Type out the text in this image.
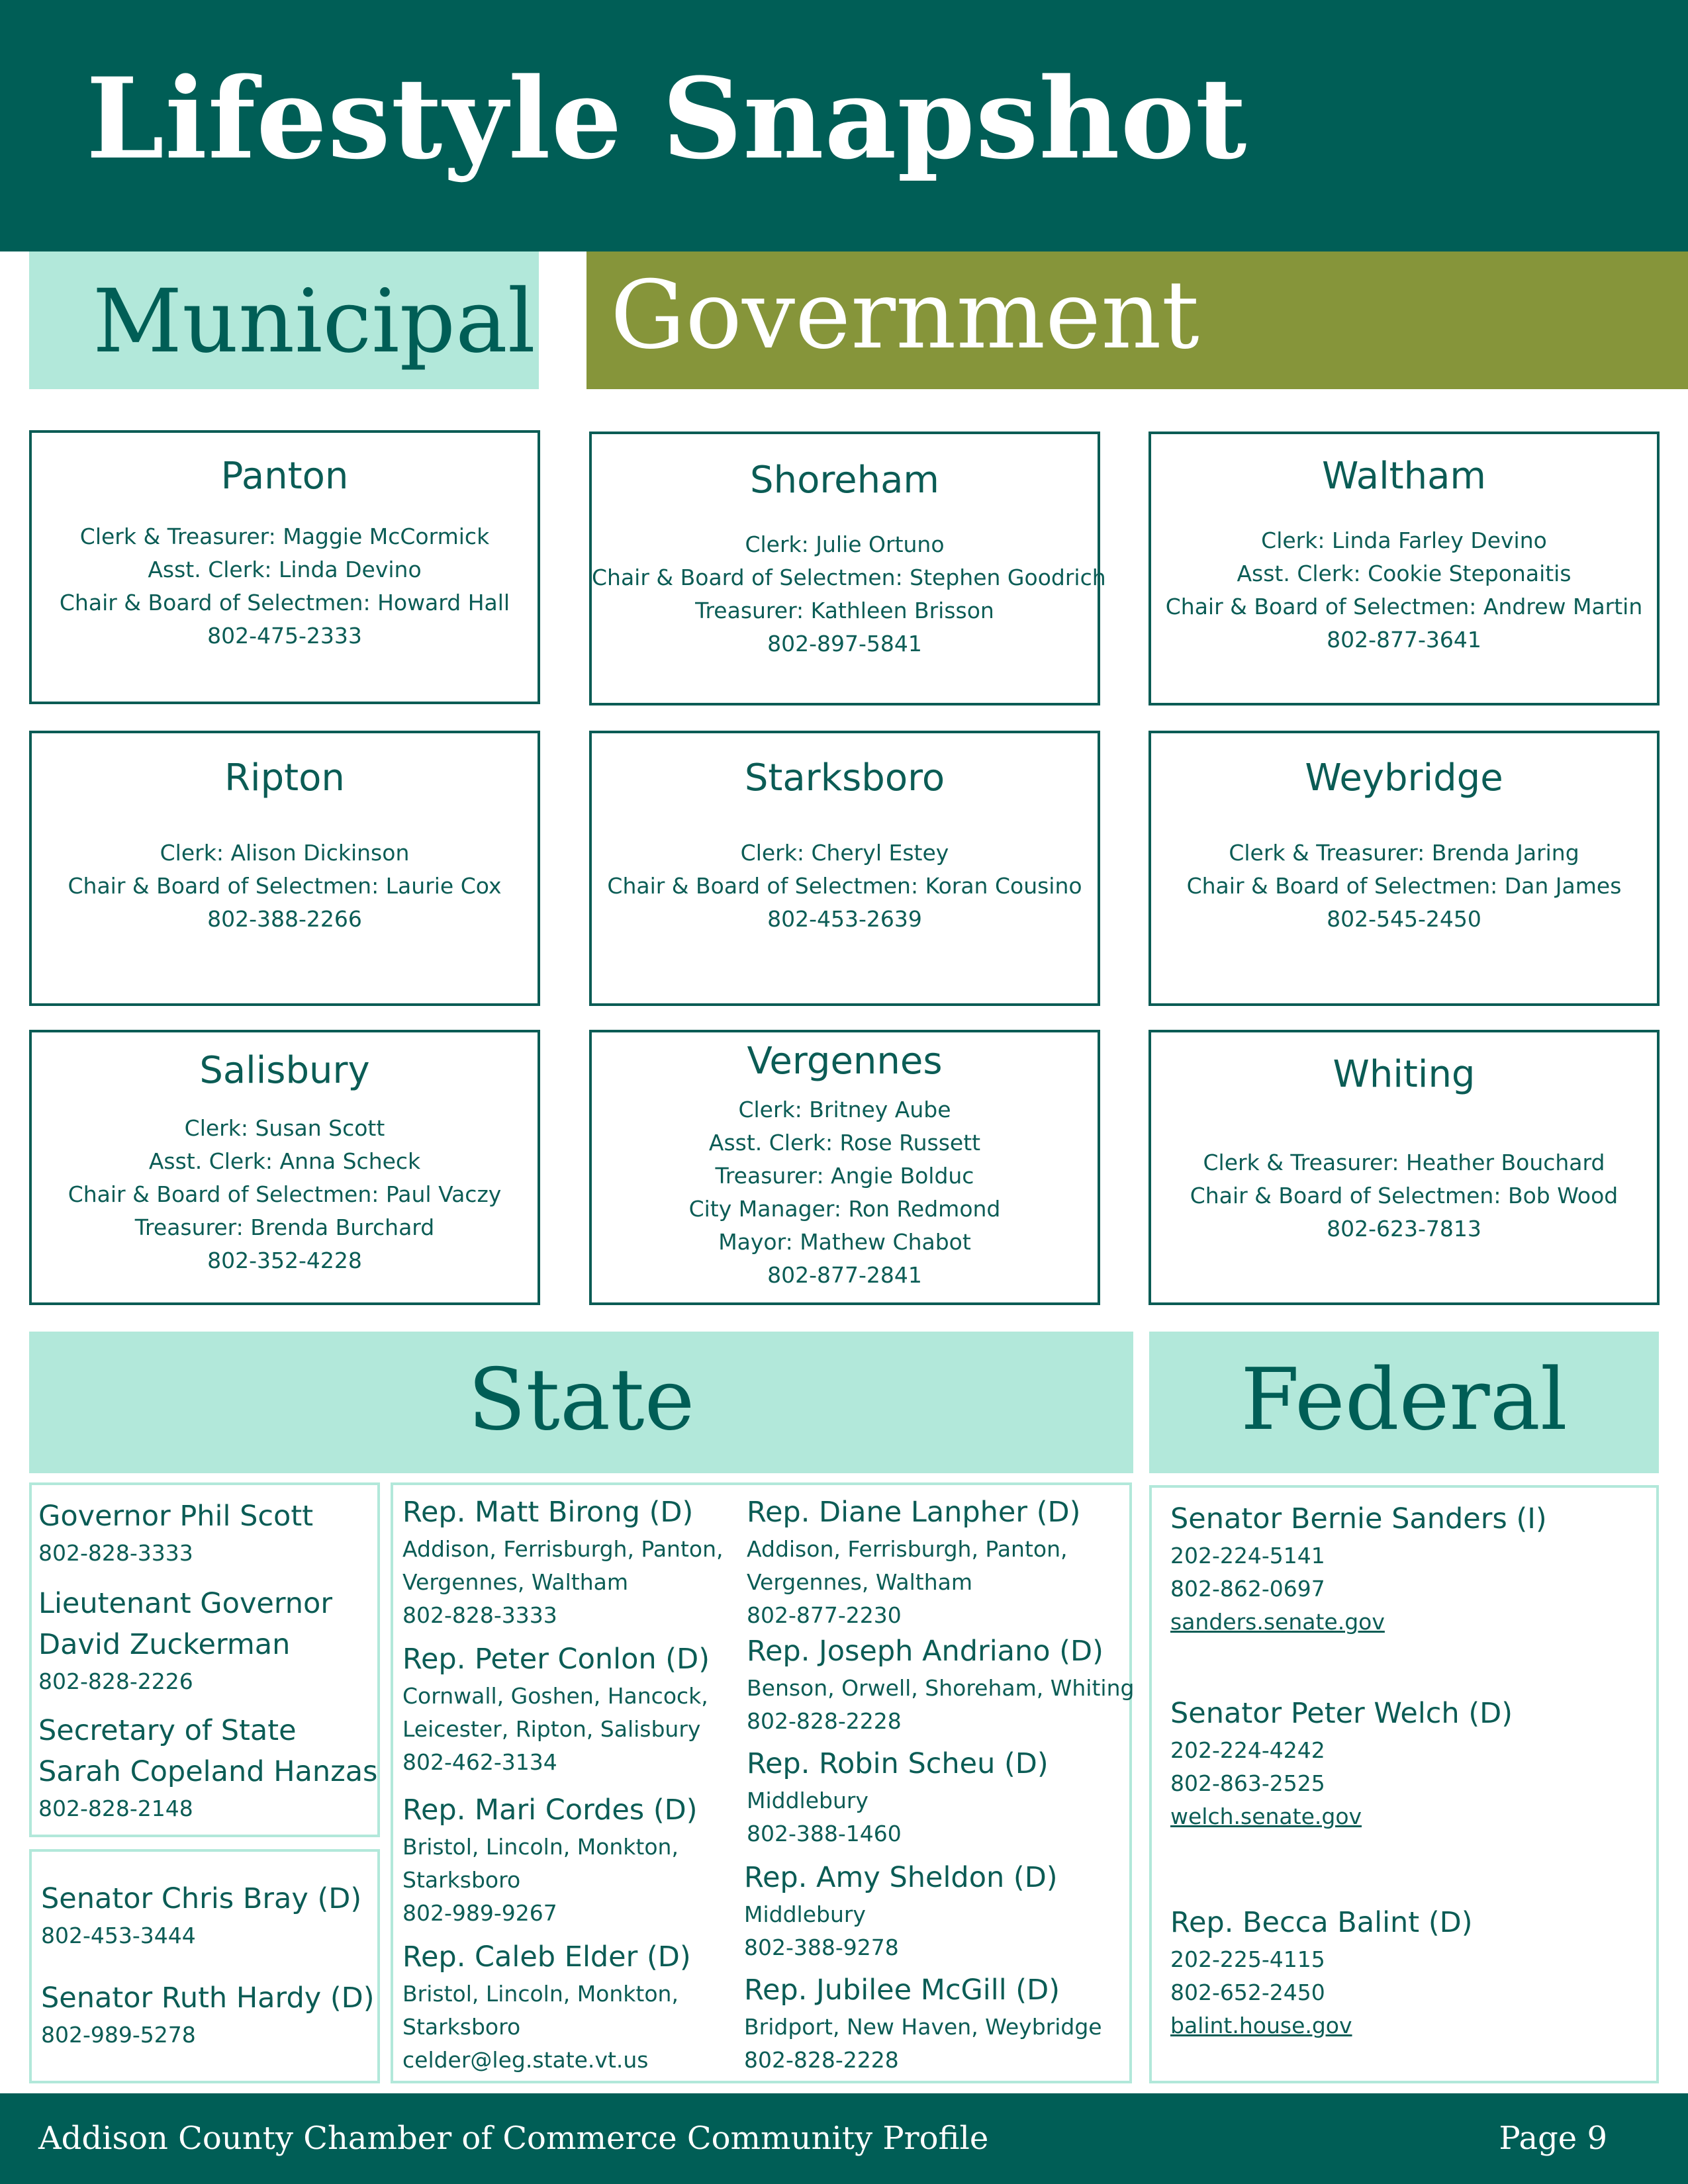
Lifestyle Snapshot
Municipal Government
Panton
Clerk & Treasurer: Maggie McCormick
Asst. Clerk: Linda Devino
Chair & Board of Selectmen: Howard Hall
802-475-2333
Shoreham
Clerk: Julie Ortuno
Chair & Board of Selectmen: Stephen Goodrich
Treasurer: Kathleen Brisson
802-897-5841
Waltham
Clerk: Linda Farley Devino
Asst. Clerk: Cookie Steponaitis
Chair & Board of Selectmen: Andrew Martin
802-877-3641
Ripton
Clerk: Alison Dickinson
Chair & Board of Selectmen: Laurie Cox
802-388-2266
Starksboro
Clerk: Cheryl Estey
Chair & Board of Selectmen: Koran Cousino
802-453-2639
Weybridge
Clerk & Treasurer: Brenda Jaring
Chair & Board of Selectmen: Dan James
802-545-2450
Salisbury
Clerk: Susan Scott
Asst. Clerk: Anna Scheck
Chair & Board of Selectmen: Paul Vaczy
Treasurer: Brenda Burchard
802-352-4228
Vergennes
Clerk: Britney Aube
Asst. Clerk: Rose Russett
Treasurer: Angie Bolduc
City Manager: Ron Redmond
Mayor: Mathew Chabot
802-877-2841
Whiting
Clerk & Treasurer: Heather Bouchard
Chair & Board of Selectmen: Bob Wood
802-623-7813
State	Federal
Governor Phil Scott
802-828-3333
Lieutenant Governor
David Zuckerman
802-828-2226
Secretary of State
Sarah Copeland Hanzas
802-828-2148
Senator Chris Bray (D)
802-453-3444
Senator Ruth Hardy (D)
802-989-5278
Rep. Matt Birong (D)
Addison, Ferrisburgh, Panton,
Vergennes, Waltham
802-828-3333
Rep. Peter Conlon (D)
Cornwall, Goshen, Hancock,
Leicester, Ripton, Salisbury
802-462-3134
Rep. Mari Cordes (D)
Bristol, Lincoln, Monkton,
Starksboro
802-989-9267
Rep. Caleb Elder (D)
Bristol, Lincoln, Monkton,
Starksboro
celder@leg.state.vt.us
Rep. Diane Lanpher (D)
Addison, Ferrisburgh, Panton,
Vergennes, Waltham
802-877-2230
Rep. Joseph Andriano (D)
Benson, Orwell, Shoreham, Whiting
802-828-2228
Rep. Robin Scheu (D)
Middlebury
802-388-1460
Rep. Amy Sheldon (D)
Middlebury
802-388-9278
Rep. Jubilee McGill (D)
Bridport, New Haven, Weybridge
802-828-2228
Senator Bernie Sanders (I)
202-224-5141
802-862-0697
sanders.senate.gov
Senator Peter Welch (D)
202-224-4242
802-863-2525
welch.senate.gov
Rep. Becca Balint (D)
202-225-4115
802-652-2450
balint.house.gov
Addison County Chamber of Commerce Community Profile	Page 9
